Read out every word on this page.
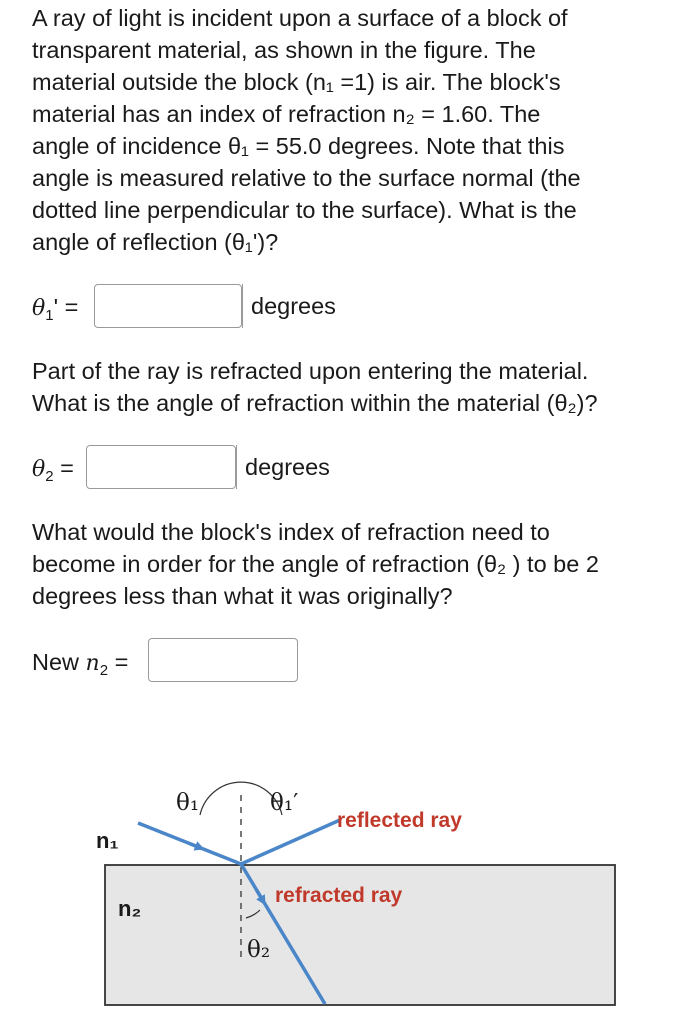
A ray of light is incident upon a surface of a block of
transparent material, as shown in the figure. The
material outside the block (n₁ =1) is air. The block's
material has an index of refraction n₂ = 1.60. The
angle of incidence θ₁ = 55.0 degrees. Note that this
angle is measured relative to the surface normal (the
dotted line perpendicular to the surface). What is the
angle of reflection (θ₁')?
$\theta_1'$ =	degrees
Part of the ray is refracted upon entering the material.
What is the angle of refraction within the material (θ₂)?
$\theta_2$ =	degrees
What would the block's index of refraction need to
become in order for the angle of refraction (θ₂ ) to be 2
degrees less than what it was originally?
New $n_2$ =
θ₁	θ₁′
θ₂
n₁
n₂
reflected ray
refracted ray
